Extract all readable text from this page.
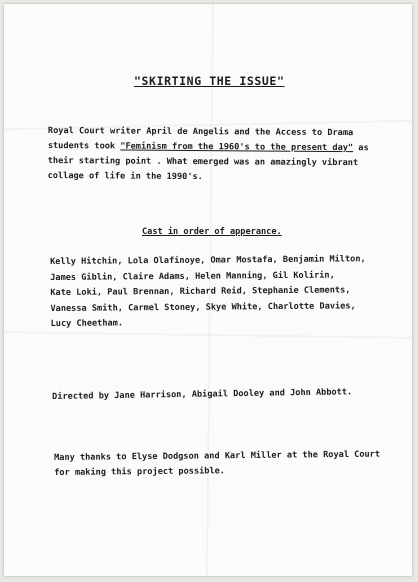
"SKIRTING THE ISSUE"
Royal Court writer April de Angelis and the Access to Drama
students took "Feminism from the 1960's to the present day" as
their starting point . What emerged was an amazingly vibrant
collage of life in the 1990's.
Cast in order of apperance.
Kelly Hitchin, Lola Olafinoye, Omar Mostafa, Benjamin Milton,
James Giblin, Claire Adams, Helen Manning, Gil Kolirin,
Kate Loki, Paul Brennan, Richard Reid, Stephanie Clements,
Vanessa Smith, Carmel Stoney, Skye White, Charlotte Davies,
Lucy Cheetham.
Directed by Jane Harrison, Abigail Dooley and John Abbott.
Many thanks to Elyse Dodgson and Karl Miller at the Royal Court
for making this project possible.
